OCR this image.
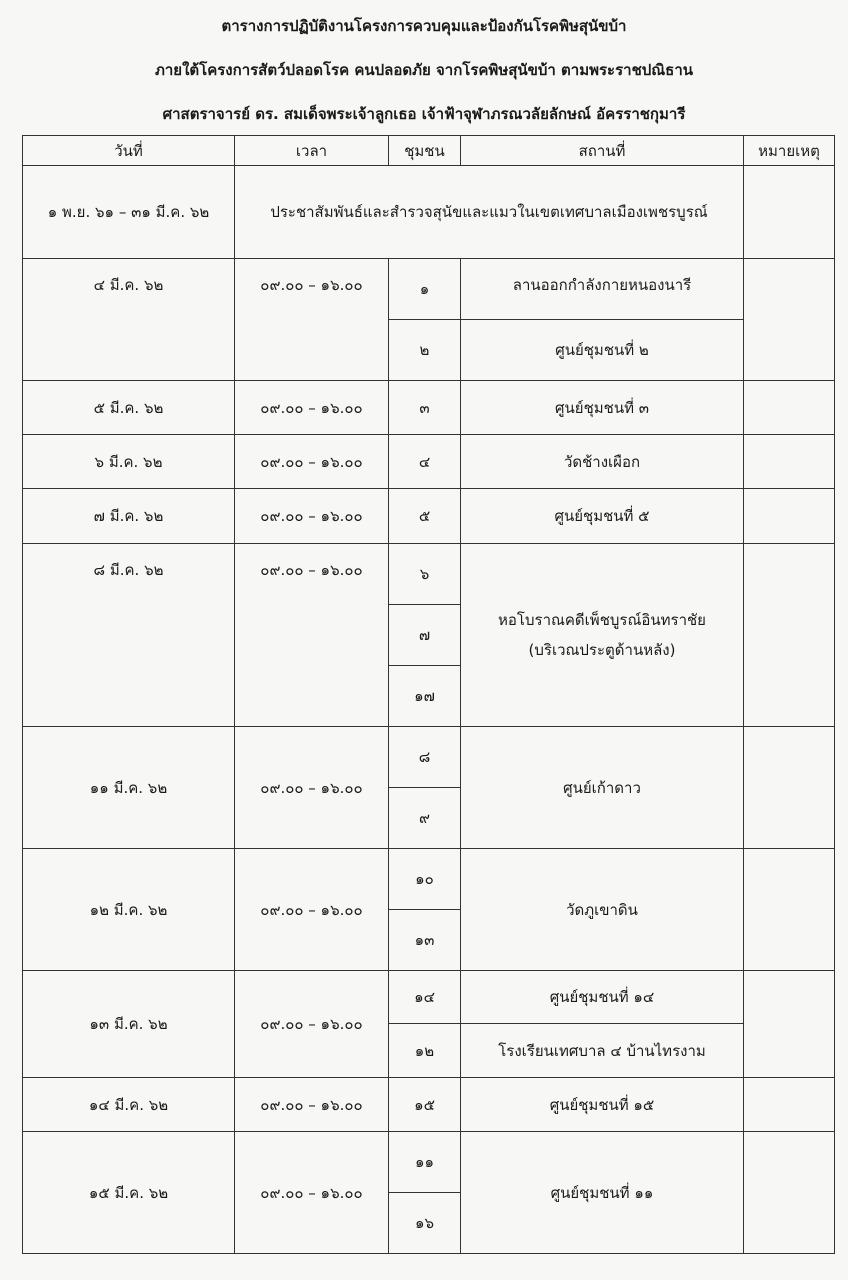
ตารางการปฏิบัติงานโครงการควบคุมและป้องกันโรคพิษสุนัขบ้า
ภายใต้โครงการสัตว์ปลอดโรค คนปลอดภัย จากโรคพิษสุนัขบ้า ตามพระราชปณิธาน
ศาสตราจารย์ ดร. สมเด็จพระเจ้าลูกเธอ เจ้าฟ้าจุฬาภรณวลัยลักษณ์ อัครราชกุมารี
วันที่	เวลา	ชุมชน	สถานที่	หมายเหตุ
๑ พ.ย. ๖๑ – ๓๑ มี.ค. ๖๒	ประชาสัมพันธ์และสำรวจสุนัขและแมวในเขตเทศบาลเมืองเพชรบูรณ์			
๔ มี.ค. ๖๒	๐๙.๐๐ – ๑๖.๐๐	๑	ลานออกกำลังกายหนองนารี	
		๒	ศูนย์ชุมชนที่ ๒	
๕ มี.ค. ๖๒	๐๙.๐๐ – ๑๖.๐๐	๓	ศูนย์ชุมชนที่ ๓	
๖ มี.ค. ๖๒	๐๙.๐๐ – ๑๖.๐๐	๔	วัดช้างเผือก	
๗ มี.ค. ๖๒	๐๙.๐๐ – ๑๖.๐๐	๕	ศูนย์ชุมชนที่ ๕	
๘ มี.ค. ๖๒	๐๙.๐๐ – ๑๖.๐๐	๖	หอโบราณคดีเพ็ชบูรณ์อินทราชัย
(บริเวณประตูด้านหลัง)	

		๗		
		๑๗		
๑๑ มี.ค. ๖๒	๐๙.๐๐ – ๑๖.๐๐	๘	ศูนย์เก้าดาว	
		๙		
๑๒ มี.ค. ๖๒	๐๙.๐๐ – ๑๖.๐๐	๑๐	วัดภูเขาดิน	
		๑๓		
๑๓ มี.ค. ๖๒	๐๙.๐๐ – ๑๖.๐๐	๑๔	ศูนย์ชุมชนที่ ๑๔	
		๑๒	โรงเรียนเทศบาล ๔ บ้านไทรงาม	
๑๔ มี.ค. ๖๒	๐๙.๐๐ – ๑๖.๐๐	๑๕	ศูนย์ชุมชนที่ ๑๕	
๑๕ มี.ค. ๖๒	๐๙.๐๐ – ๑๖.๐๐	๑๑	ศูนย์ชุมชนที่ ๑๑	
		๑๖		
